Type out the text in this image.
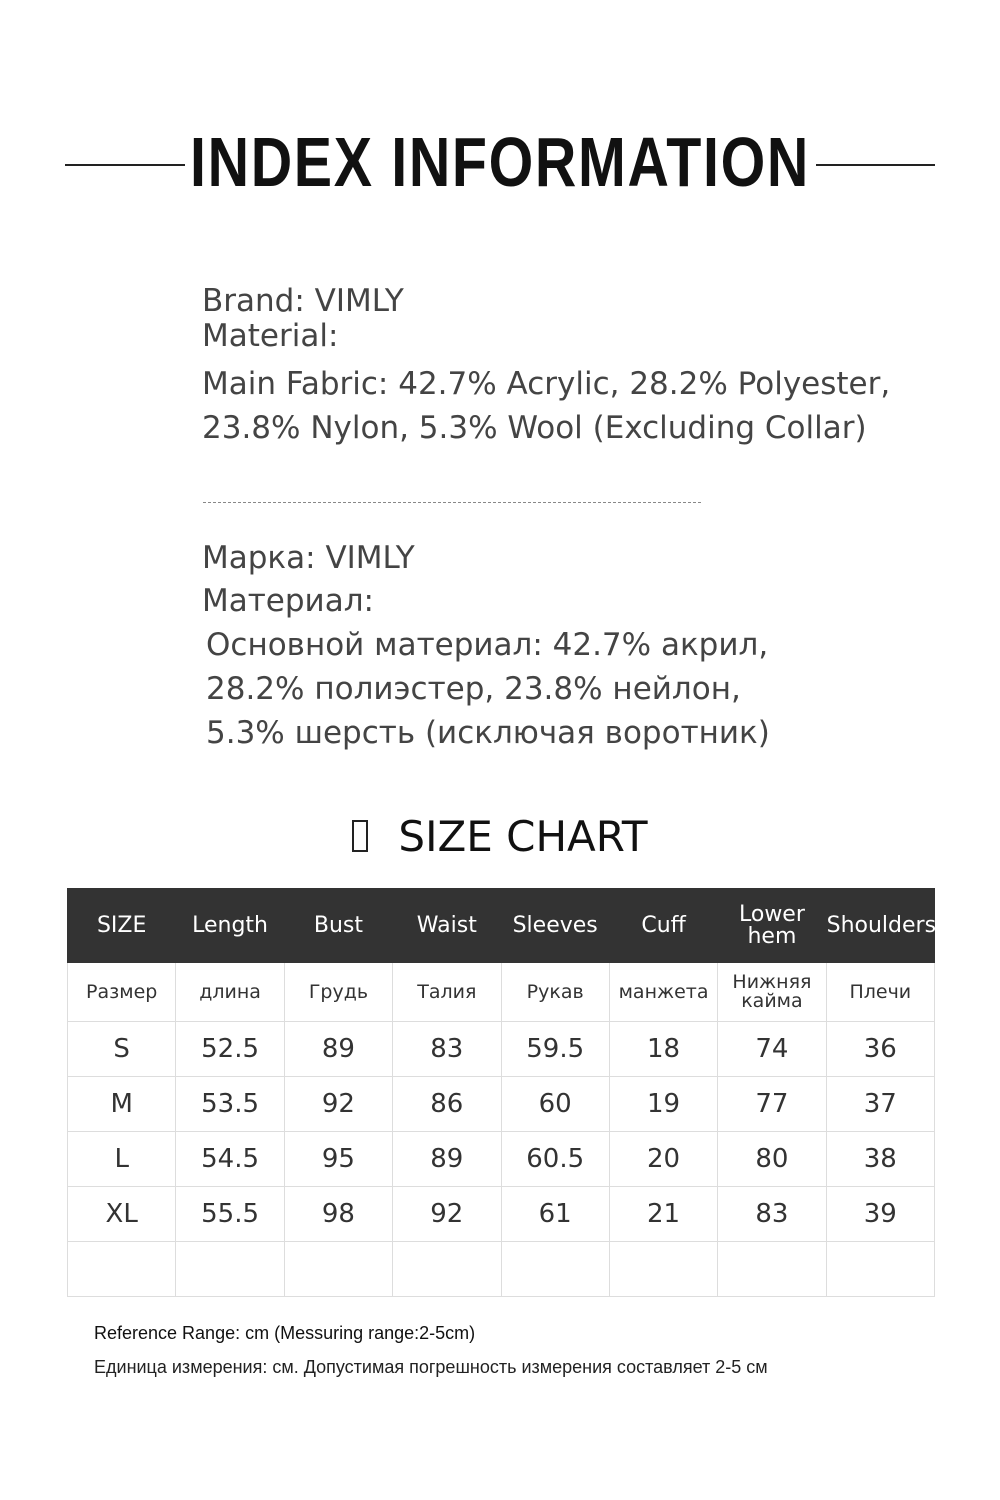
INDEX INFORMATION
Brand: VIMLY
Material:
Main Fabric: 42.7% Acrylic, 28.2% Polyester,
23.8% Nylon, 5.3% Wool (Excluding Collar)
Марка: VIMLY
Материал:
Основной материал: 42.7% акрил,
28.2% полиэстер, 23.8% нейлон,
5.3% шерсть (исключая воротник)
SIZE CHART
SIZE	Length	Bust	Waist	Sleeves	Cuff	Lower hem	Shoulders
Размер	длина	Грудь	Талия	Рукав	манжета	Нижняя кайма	Плечи
S	52.5	89	83	59.5	18	74	36
M	53.5	92	86	60	19	77	37
L	54.5	95	89	60.5	20	80	38
XL	55.5	98	92	61	21	83	39

Reference Range: cm (Messuring range:2-5cm)
Единица измерения: см. Допустимая погрешность измерения составляет 2-5 см
